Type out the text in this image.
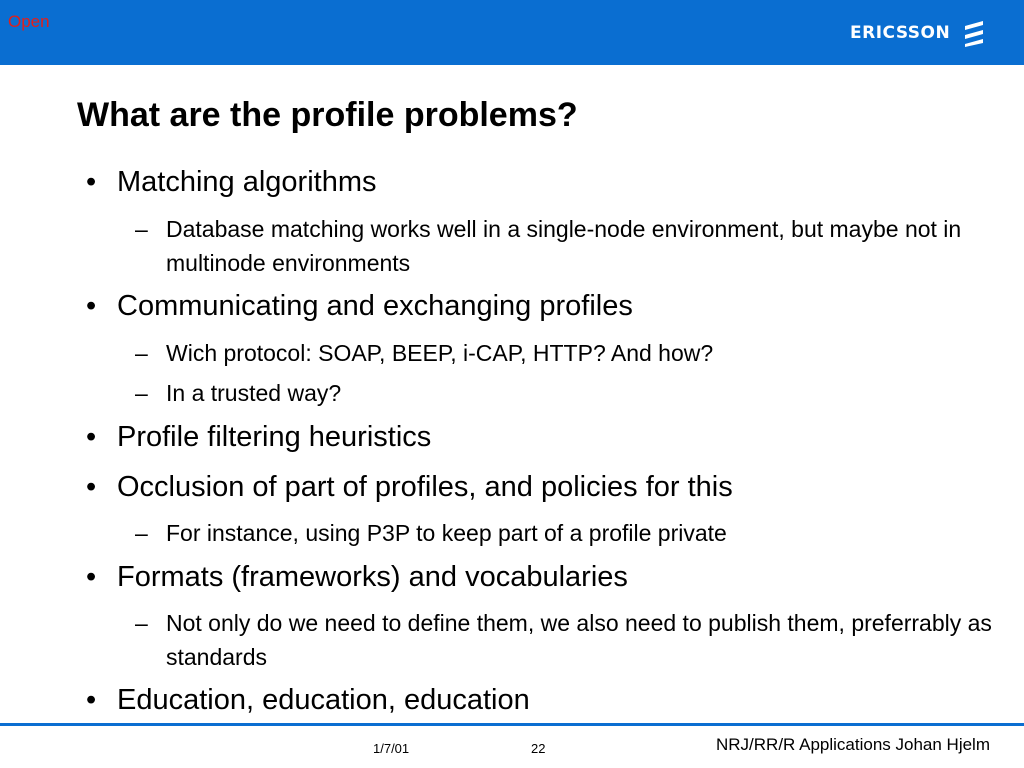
Open
ERICSSON
What are the profile problems?
• Matching algorithms
– Database matching works well in a single-node environment, but maybe not in multinode environments
• Communicating and exchanging profiles
– Wich protocol: SOAP, BEEP, i-CAP, HTTP? And how?
– In a trusted way?
• Profile filtering heuristics
• Occlusion of part of profiles, and policies for this
– For instance, using P3P to keep part of a profile private
• Formats (frameworks) and vocabularies
– Not only do we need to define them, we also need to publish them, preferrably as standards
• Education, education, education
1/7/01	22	NRJ/RR/R Applications Johan Hjelm
